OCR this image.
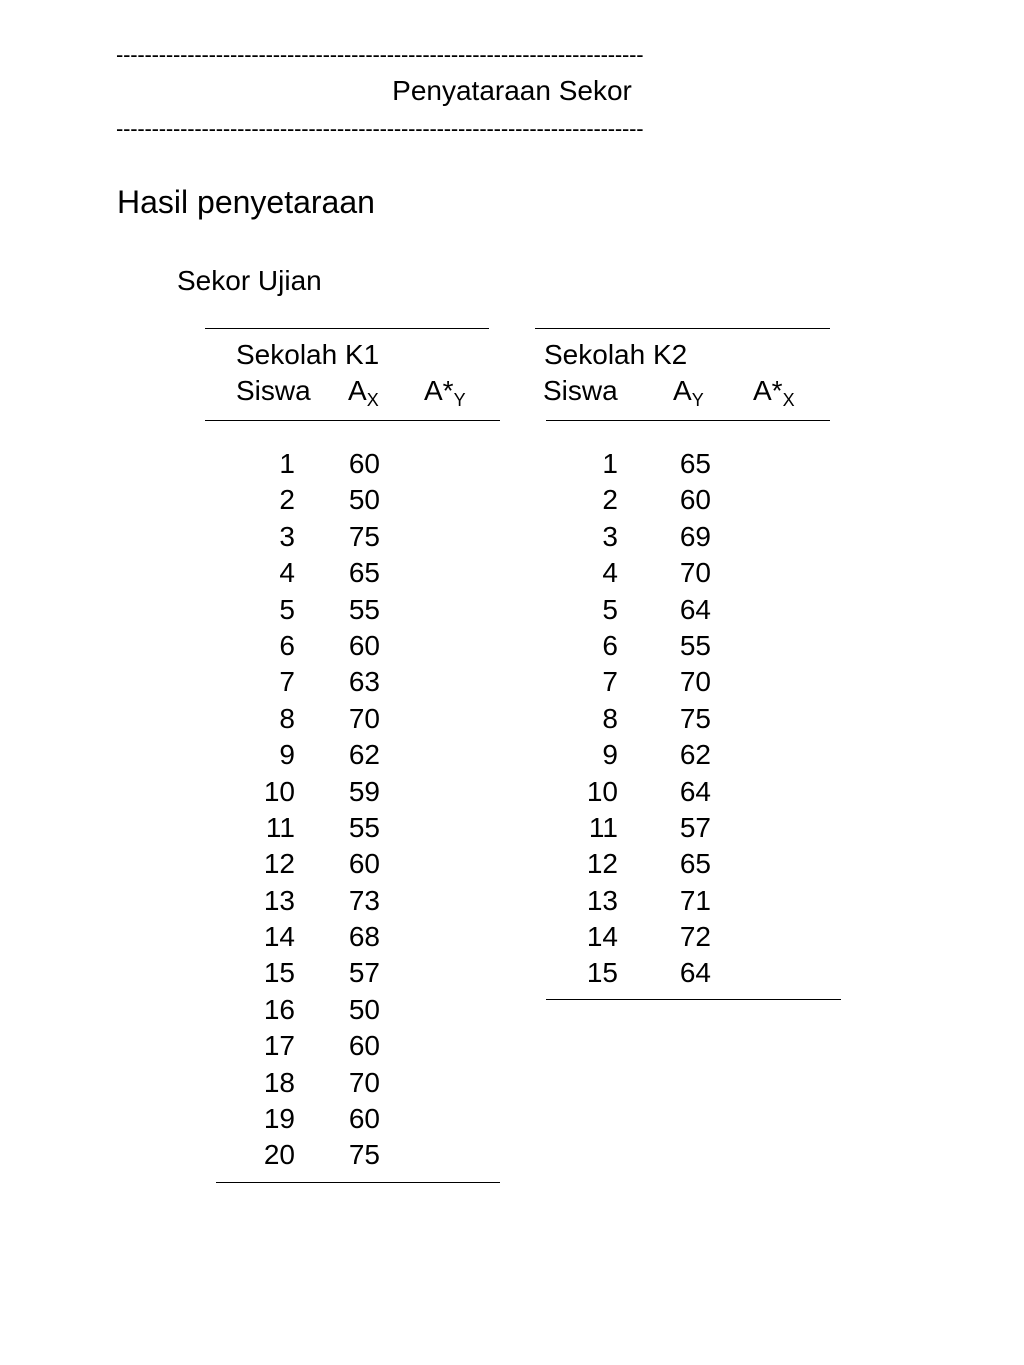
--------------------------------------------------------------------------
Penyataraan Sekor
--------------------------------------------------------------------------
Hasil penyetaraan
Sekor Ujian
Sekolah K1
Siswa $A_X$ $A*_Y$
1	60
2	50
3	75
4	65
5	55
6	60
7	63
8	70
9	62
10	59
11	55
12	60
13	73
14	68
15	57
16	50
17	60
18	70
19	60
20	75
Sekolah K2
Siswa $A_Y$ $A*_X$
1	65
2	60
3	69
4	70
5	64
6	55
7	70
8	75
9	62
10	64
11	57
12	65
13	71
14	72
15	64
